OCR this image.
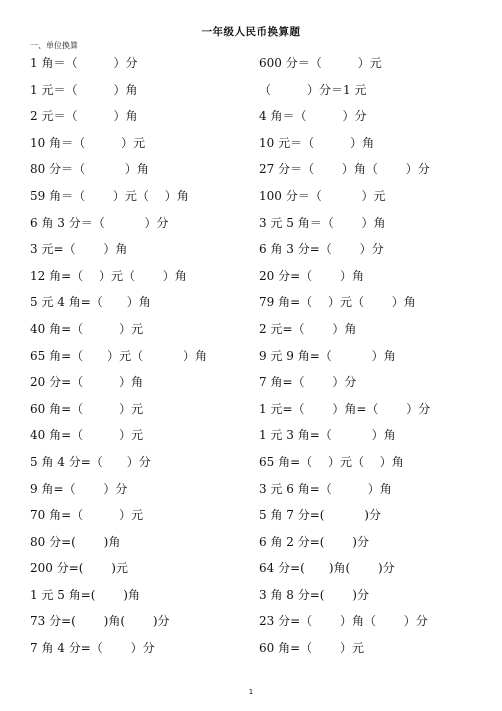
一年级人民币换算题
一、单位换算
1 角＝（　　　）分	600 分＝（　　　）元
1 元＝（　　　）角	（　　　）分＝1 元
2 元＝（　　　）角	4 角＝（　　　）分
10 角＝（　　　）元	10 元＝（　　　）角
80 分＝（　　　 ）角	27 分＝（　　 ）角（　　 ）分
59 角＝（　　 ）元（　 ）角	100 分＝（　　　 ）元
6 角 3 分＝（　　　 ）分	3 元 5 角＝（　　 ）角
3 元=（　　 ）角	6 角 3 分=（　　 ）分
12 角=（　 ）元（　　 ）角	20 分=（　　 ）角
5 元 4 角=（　　）角	79 角=（　 ）元（　　 ）角
40 角=（　　　）元	2 元=（　　 ）角
65 角=（　　）元（　　　 ）角	9 元 9 角=（　　　 ）角
20 分=（　　　）角	7 角=（　　 ）分
60 角=（　　　）元	1 元=（　　 ）角=（　　 ）分
40 角=（　　　）元	1 元 3 角=（　　　 ）角
5 角 4 分=（　　）分	65 角=（　 ）元（　 ）角
9 角=（　　 ）分	3 元 6 角=（　　　）角
70 角=（　　　）元	5 角 7 分=(　　　 )分
80 分=(　　 )角	6 角 2 分=(　　 )分
200 分=(　　 )元	64 分=(　　)角(　　 )分
1 元 5 角=(　　 )角	3 角 8 分=(　　 )分
73 分=(　　 )角(　　 )分	23 分=（　　 ）角（　　 ）分
7 角 4 分=（　　 ）分	60 角=（　　 ）元
1
